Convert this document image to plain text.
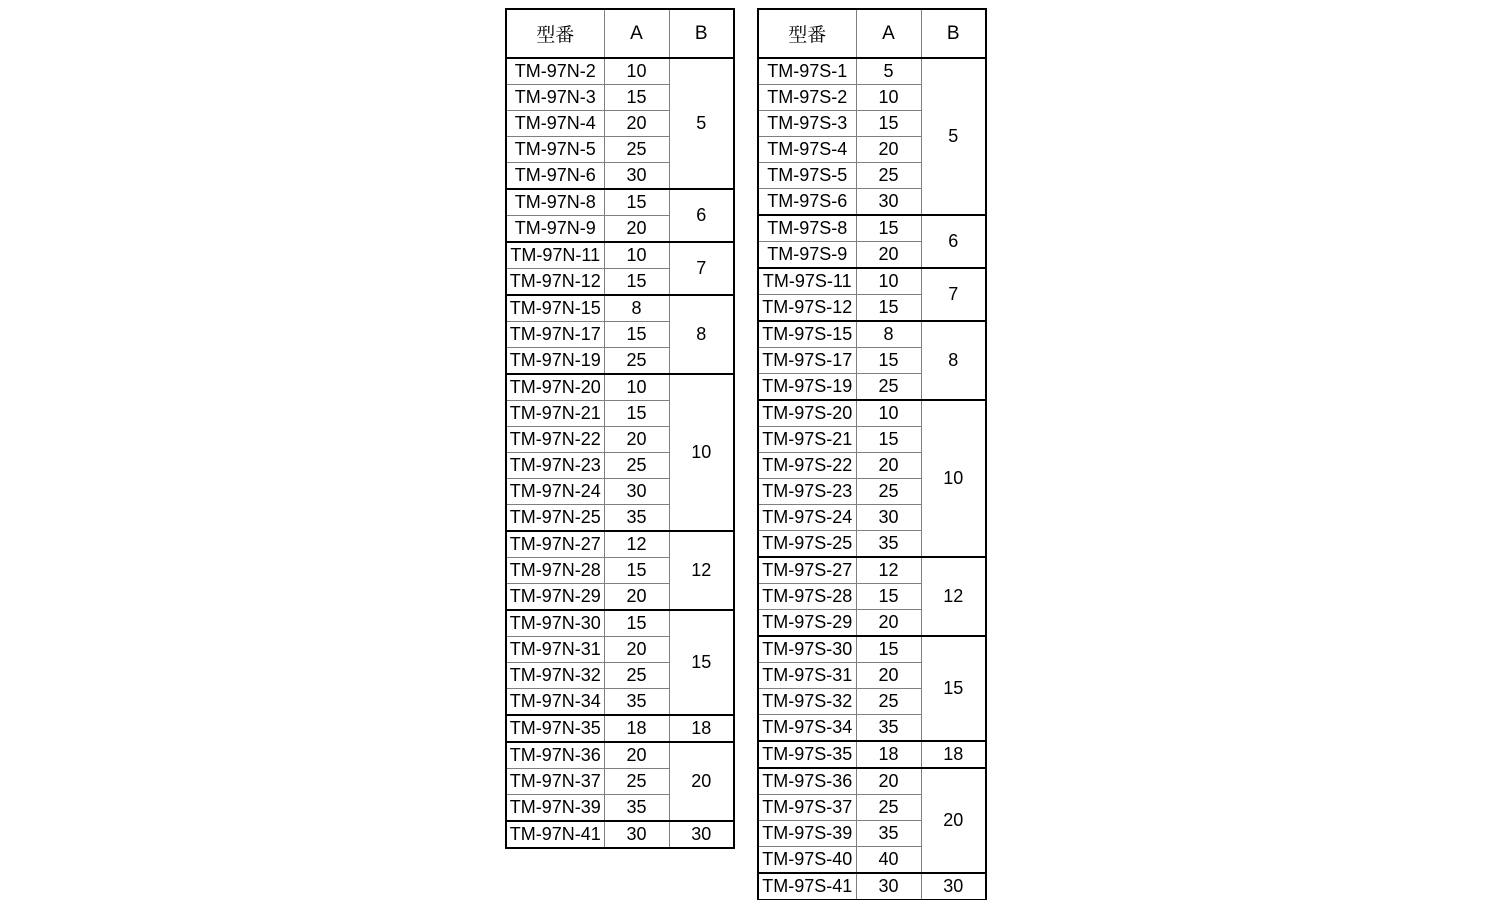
型番	A	B
TM-97N-2	10	5
TM-97N-3	15	
TM-97N-4	20	
TM-97N-5	25	
TM-97N-6	30	
TM-97N-8	15	6
TM-97N-9	20	
TM-97N-11	10	7
TM-97N-12	15	
TM-97N-15	8	8
TM-97N-17	15	
TM-97N-19	25	
TM-97N-20	10	10
TM-97N-21	15	
TM-97N-22	20	
TM-97N-23	25	
TM-97N-24	30	
TM-97N-25	35	
TM-97N-27	12	12
TM-97N-28	15	
TM-97N-29	20	
TM-97N-30	15	15
TM-97N-31	20	
TM-97N-32	25	
TM-97N-34	35	
TM-97N-35	18	18
TM-97N-36	20	20
TM-97N-37	25	
TM-97N-39	35	
TM-97N-41	30	30
型番	A	B
TM-97S-1	5	5
TM-97S-2	10	
TM-97S-3	15	
TM-97S-4	20	
TM-97S-5	25	
TM-97S-6	30	
TM-97S-8	15	6
TM-97S-9	20	
TM-97S-11	10	7
TM-97S-12	15	
TM-97S-15	8	8
TM-97S-17	15	
TM-97S-19	25	
TM-97S-20	10	10
TM-97S-21	15	
TM-97S-22	20	
TM-97S-23	25	
TM-97S-24	30	
TM-97S-25	35	
TM-97S-27	12	12
TM-97S-28	15	
TM-97S-29	20	
TM-97S-30	15	15
TM-97S-31	20	
TM-97S-32	25	
TM-97S-34	35	
TM-97S-35	18	18
TM-97S-36	20	20
TM-97S-37	25	
TM-97S-39	35	
TM-97S-40	40	
TM-97S-41	30	30
